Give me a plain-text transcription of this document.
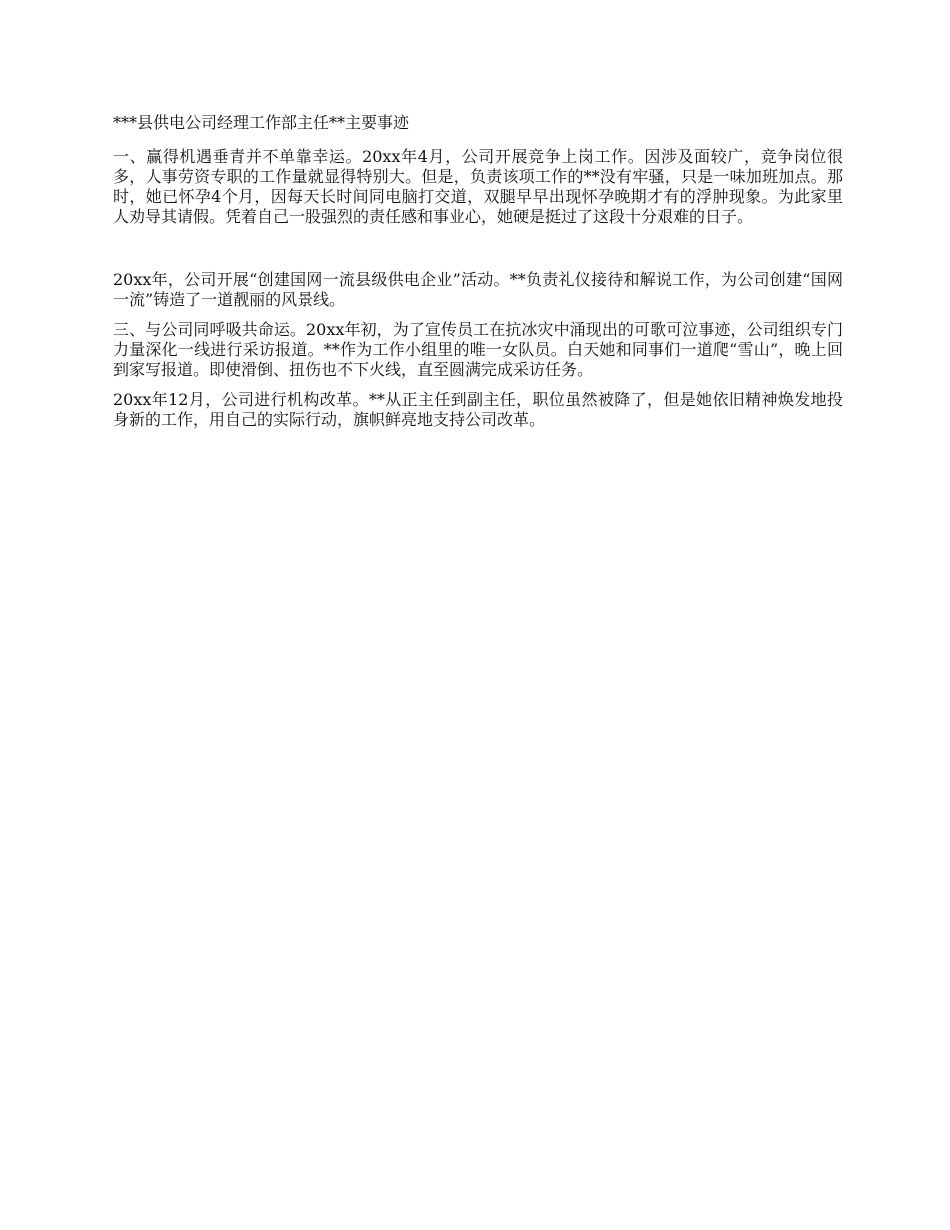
***县供电公司经理工作部主任**主要事迹

一、赢得机遇垂青并不单靠幸运。20xx年4月，公司开展竞争上岗工作。因涉及面较广，竞争岗位很多，人事劳资专职的工作量就显得特别大。但是，负责该项工作的**没有牢骚，只是一味加班加点。那时，她已怀孕4个月，因每天长时间同电脑打交道，双腿早早出现怀孕晚期才有的浮肿现象。为此家里人劝导其请假。凭着自己一股强烈的责任感和事业心，她硬是挺过了这段十分艰难的日子。

20xx年，公司开展“创建国网一流县级供电企业”活动。**负责礼仪接待和解说工作，为公司创建“国网一流”铸造了一道靓丽的风景线。

三、与公司同呼吸共命运。20xx年初，为了宣传员工在抗冰灾中涌现出的可歌可泣事迹，公司组织专门力量深化一线进行采访报道。**作为工作小组里的唯一女队员。白天她和同事们一道爬“雪山”，晚上回到家写报道。即使滑倒、扭伤也不下火线，直至圆满完成采访任务。

20xx年12月，公司进行机构改革。**从正主任到副主任，职位虽然被降了，但是她依旧精神焕发地投身新的工作，用自己的实际行动，旗帜鲜亮地支持公司改革。
